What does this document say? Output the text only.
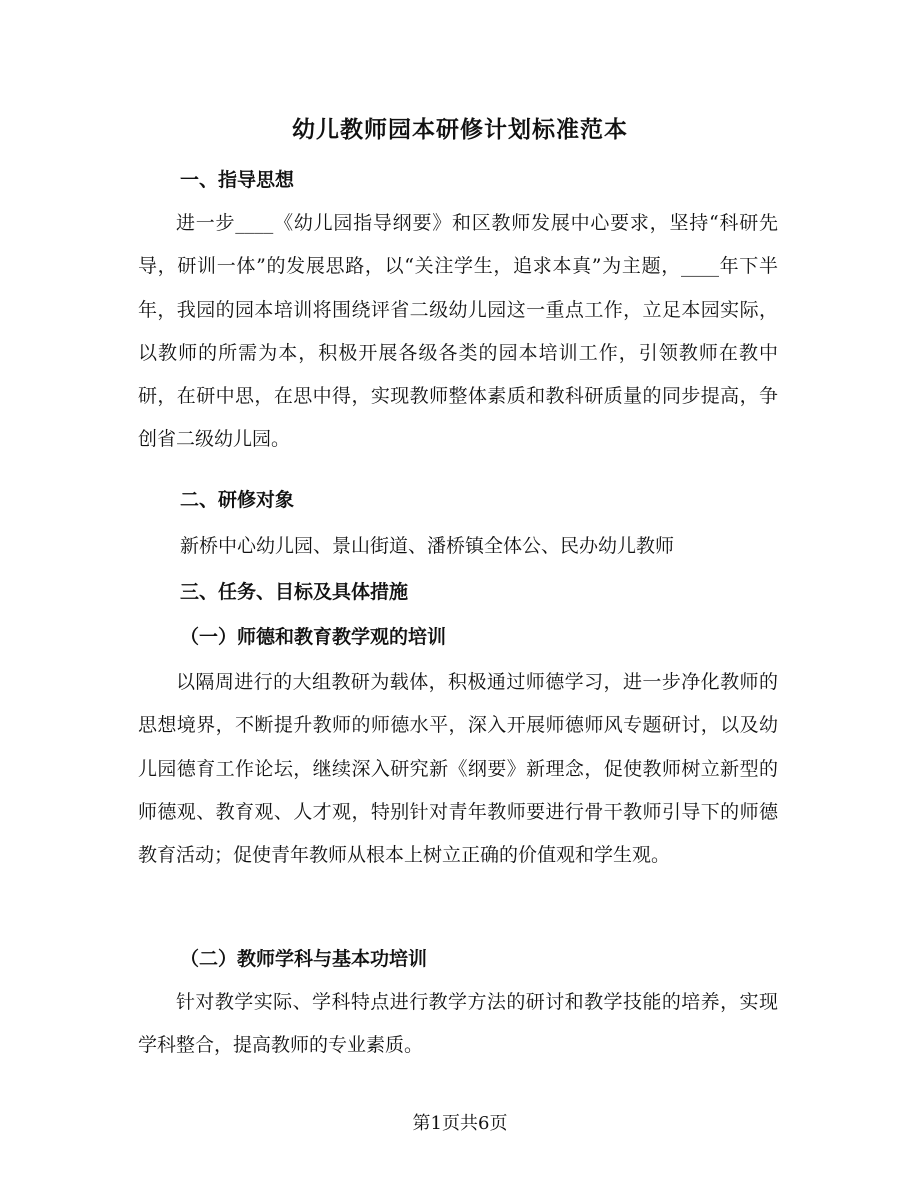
幼儿教师园本研修计划标准范本
一、指导思想
进一步____《幼儿园指导纲要》和区教师发展中心要求，坚持“科研先导，研训一体”的发展思路，以“关注学生，追求本真”为主题，____年下半年，我园的园本培训将围绕评省二级幼儿园这一重点工作，立足本园实际，以教师的所需为本，积极开展各级各类的园本培训工作，引领教师在教中研，在研中思，在思中得，实现教师整体素质和教科研质量的同步提高，争创省二级幼儿园。
二、研修对象
新桥中心幼儿园、景山街道、潘桥镇全体公、民办幼儿教师
三、任务、目标及具体措施
（一）师德和教育教学观的培训
以隔周进行的大组教研为载体，积极通过师德学习，进一步净化教师的思想境界，不断提升教师的师德水平，深入开展师德师风专题研讨，以及幼儿园德育工作论坛，继续深入研究新《纲要》新理念，促使教师树立新型的师德观、教育观、人才观，特别针对青年教师要进行骨干教师引导下的师德教育活动；促使青年教师从根本上树立正确的价值观和学生观。
（二）教师学科与基本功培训
针对教学实际、学科特点进行教学方法的研讨和教学技能的培养，实现学科整合，提高教师的专业素质。
第1页共6页
